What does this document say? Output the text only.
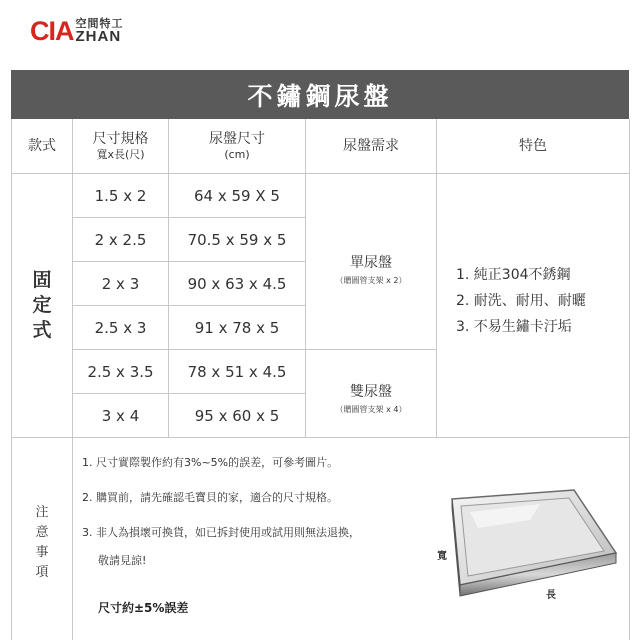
CIA 空間特工
ZHAN
不鏽鋼尿盤
款式	尺寸規格
寬x長(尺)
尿盤尺寸
(cm)
尿盤需求	特色
固
定
式
1.5 x 2
2 x 2.5
2 x 3
2.5 x 3
2.5 x 3.5
3 x 4
64 x 59 X 5
70.5 x 59 x 5
90 x 63 x 4.5
91 x 78 x 5
78 x 51 x 4.5
95 x 60 x 5
單尿盤
（贈圓管支架 x 2）
雙尿盤
（贈圓管支架 x 4）
1. 純正304不銹鋼
2. 耐洗、耐用、耐曬
3. 不易生鏽卡汙垢
注
意
事
項
1. 尺寸實際製作約有3%~5%的誤差，可參考圖片。
2. 購買前，請先確認毛寶貝的家，適合的尺寸規格。
3. 非人為損壞可換貨，如已拆封使用或試用則無法退換，
敬請見諒!
尺寸約±5%誤差
寬
長
